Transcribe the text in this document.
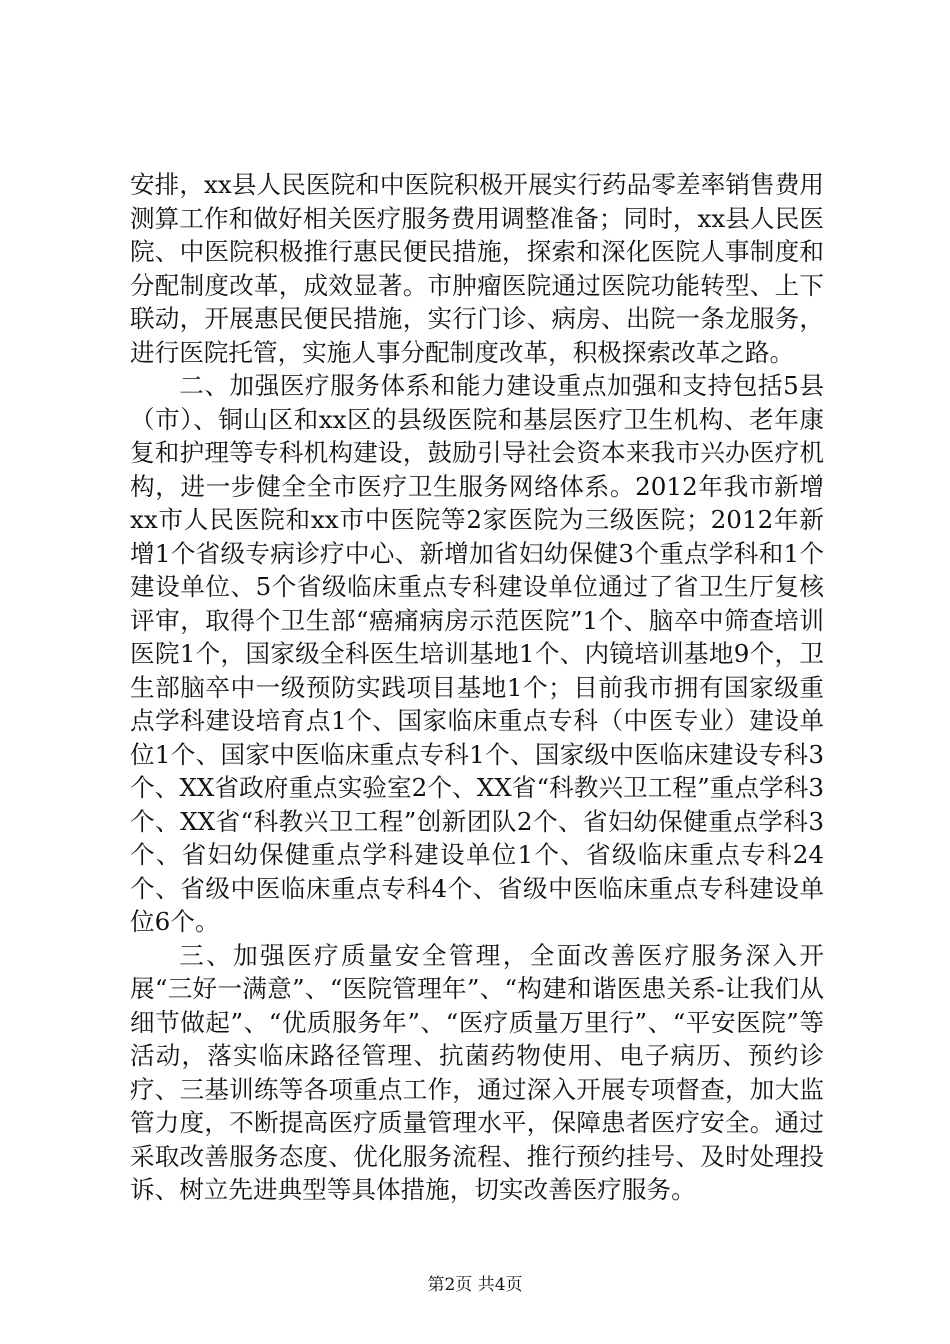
安排，xx县人民医院和中医院积极开展实行药品零差率销售费用测算工作和做好相关医疗服务费用调整准备；同时，xx县人民医院、中医院积极推行惠民便民措施，探索和深化医院人事制度和分配制度改革，成效显著。市肿瘤医院通过医院功能转型、上下联动，开展惠民便民措施，实行门诊、病房、出院一条龙服务，进行医院托管，实施人事分配制度改革，积极探索改革之路。

二、加强医疗服务体系和能力建设重点加强和支持包括5县（市）、铜山区和xx区的县级医院和基层医疗卫生机构、老年康复和护理等专科机构建设，鼓励引导社会资本来我市兴办医疗机构，进一步健全全市医疗卫生服务网络体系。2012年我市新增xx市人民医院和xx市中医院等2家医院为三级医院；2012年新增1个省级专病诊疗中心、新增加省妇幼保健3个重点学科和1个建设单位、5个省级临床重点专科建设单位通过了省卫生厅复核评审，取得个卫生部“癌痛病房示范医院”1个、脑卒中筛查培训医院1个，国家级全科医生培训基地1个、内镜培训基地9个，卫生部脑卒中一级预防实践项目基地1个；目前我市拥有国家级重点学科建设培育点1个、国家临床重点专科（中医专业）建设单位1个、国家中医临床重点专科1个、国家级中医临床建设专科3个、XX省政府重点实验室2个、XX省“科教兴卫工程”重点学科3个、XX省“科教兴卫工程”创新团队2个、省妇幼保健重点学科3个、省妇幼保健重点学科建设单位1个、省级临床重点专科24个、省级中医临床重点专科4个、省级中医临床重点专科建设单位6个。

三、加强医疗质量安全管理，全面改善医疗服务深入开展“三好一满意”、“医院管理年”、“构建和谐医患关系-让我们从细节做起”、“优质服务年”、“医疗质量万里行”、“平安医院”等活动，落实临床路径管理、抗菌药物使用、电子病历、预约诊疗、三基训练等各项重点工作，通过深入开展专项督查，加大监管力度，不断提高医疗质量管理水平，保障患者医疗安全。通过采取改善服务态度、优化服务流程、推行预约挂号、及时处理投诉、树立先进典型等具体措施，切实改善医疗服务。

第2页 共4页
